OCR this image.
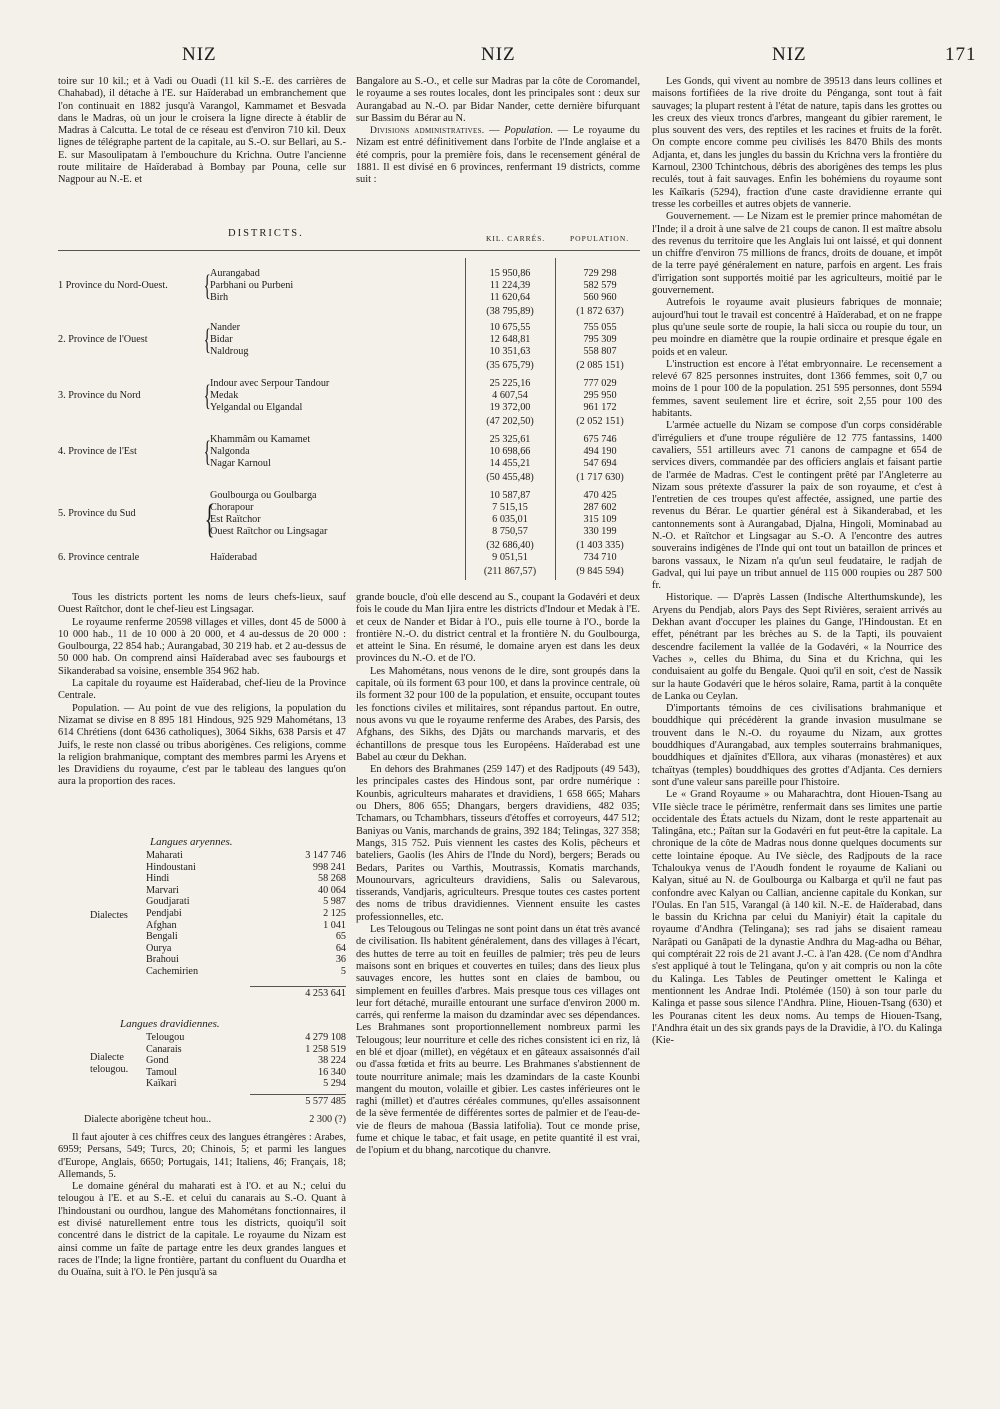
NIZ	NIZ	NIZ	171

toire sur 10 kil.; et à Vadi ou Ouadi (11 kil S.-E. des carrières de Chahabad), il détache à l'E. sur Haïderabad un embranchement que l'on continuait en 1882 jusqu'à Varangol, Kammamet et Besvada dans le Madras, où un jour le croisera la ligne directe à établir de Madras à Calcutta. Le total de ce réseau est d'environ 710 kil. Deux lignes de télégraphe partent de la capitale, au S.-O. sur Bellari, au S.-E. sur Masoulipatam à l'embouchure du Krichna. Outre l'ancienne route militaire de Haïderabad à Bombay par Pouna, celle sur Nagpour au N.-E. et

Bangalore au S.-O., et celle sur Madras par la côte de Coromandel, le royaume a ses routes locales, dont les principales sont : deux sur Aurangabad au N.-O. par Bidar Nander, cette dernière bifurquant sur Bassim du Bérar au N.

Divisions administratives. — Population. — Le royaume du Nizam est entré définitivement dans l'orbite de l'Inde anglaise et a été compris, pour la première fois, dans le recensement général de 1881. Il est divisé en 6 provinces, renfermant 19 districts, comme suit :

DISTRICTS.	KIL. CARRÉS.	POPULATION.
1 Province du Nord-Ouest.	{ Aurangabad	15 950,86	729 298
Parbhani ou Purbeni	11 224,39	582 579
Birh	11 620,64	560 960
(38 795,89)	(1 872 637)
2. Province de l'Ouest	{ Nander	10 675,55	755 055
Bidar	12 648,81	795 309
Naldroug	10 351,63	558 807
(35 675,79)	(2 085 151)
3. Province du Nord	{ Indour avec Serpour Tandour	25 225,16	777 029
Medak	4 607,54	295 950
Yelgandal ou Elgandal	19 372,00	961 172
(47 202,50)	(2 052 151)
4. Province de l'Est	{ Khammâm ou Kamamet	25 325,61	675 746
Nalgonda	10 698,66	494 190
Nagar Karnoul	14 455,21	547 694
(50 455,48)	(1 717 630)
5. Province du Sud	{
Goulbourga ou Goulbarga	10 587,87	470 425
Chorapour	7 515,15	287 602
Est Raïtchor	6 035,01	315 109
Ouest Raïtchor ou Lingsagar	8 750,57	330 199
(32 686,40)	(1 403 335)
6. Province centrale	Haïderabad	9 051,51	734 710
(211 867,57)	(9 845 594)

Les Gonds, qui vivent au nombre de 39513 dans leurs collines et maisons fortifiées de la rive droite du Pénganga, sont tout à fait sauvages; la plupart restent à l'état de nature, tapis dans les grottes ou les creux des vieux troncs d'arbres, mangeant du gibier rarement, le plus souvent des vers, des reptiles et les racines et fruits de la forêt. On compte encore comme peu civilisés les 8470 Bhils des monts Adjanta, et, dans les jungles du bassin du Krichna vers la frontière du Karnoul, 2300 Tchintchous, débris des aborigènes des temps les plus reculés, tout à fait sauvages. Enfin les bohémiens du royaume sont les Kaïkaris (5294), fraction d'une caste dravidienne errante qui tresse les corbeilles et autres objets de vannerie.

Gouvernement. — Le Nizam est le premier prince mahométan de l'Inde; il a droit à une salve de 21 coups de canon. Il est maître absolu des revenus du territoire que les Anglais lui ont laissé, et qui donnent un chiffre d'environ 75 millions de francs, droits de douane, et impôt de la terre payé généralement en nature, parfois en argent. Les frais d'irrigation sont supportés moitié par les agriculteurs, moitié par le gouvernement.

Autrefois le royaume avait plusieurs fabriques de monnaie; aujourd'hui tout le travail est concentré à Haïderabad, et on ne frappe plus qu'une seule sorte de roupie, la hali sicca ou roupie du tour, un peu moindre en diamètre que la roupie ordinaire et presque égale en poids et en valeur.

L'instruction est encore à l'état embryonnaire. Le recensement a relevé 67 825 personnes instruites, dont 1366 femmes, soit 0,7 ou moins de 1 pour 100 de la population. 251 595 personnes, dont 5594 femmes, savent seulement lire et écrire, soit 2,55 pour 100 des habitants.

L'armée actuelle du Nizam se compose d'un corps considérable d'irréguliers et d'une troupe régulière de 12 775 fantassins, 1400 cavaliers, 551 artilleurs avec 71 canons de campagne et 654 de services divers, commandée par des officiers anglais et faisant partie de l'armée de Madras. C'est le contingent prêté par l'Angleterre au Nizam sous prétexte d'assurer la paix de son royaume, et c'est à l'entretien de ces troupes qu'est affectée, assigned, une partie des revenus du Bérar. Le quartier général est à Sikanderabad, et les cantonnements sont à Aurangabad, Djalna, Hingoli, Mominabad au N.-O. et Raïtchor et Lingsagar au S.-O. A l'encontre des autres souverains indigènes de l'Inde qui ont tout un bataillon de princes et barons vassaux, le Nizam n'a qu'un seul feudataire, le radjah de Gadval, qui lui paye un tribut annuel de 115 000 roupies ou 287 500 fr.

Historique. — D'après Lassen (Indische Alterthumskunde), les Aryens du Pendjab, alors Pays des Sept Rivières, seraient arrivés au Dekhan avant d'occuper les plaines du Gange, l'Hindoustan. Et en effet, pénétrant par les brèches au S. de la Tapti, ils pouvaient descendre facilement la vallée de la Godavéri, « la Nourrice des Vaches », celles du Bhima, du Sina et du Krichna, qui les conduisaient au golfe du Bengale. Quoi qu'il en soit, c'est de Nassik sur la haute Godavéri que le héros solaire, Rama, partit à la conquête de Lanka ou Ceylan.

D'importants témoins de ces civilisations brahmanique et bouddhique qui précédèrent la grande invasion musulmane se trouvent dans le N.-O. du royaume du Nizam, aux grottes bouddhiques d'Aurangabad, aux temples souterrains brahmaniques, bouddhiques et djaïnites d'Ellora, aux viharas (monastères) et aux tchaïtyas (temples) bouddhiques des grottes d'Adjanta. Ces derniers sont d'une valeur sans pareille pour l'histoire.

Le « Grand Royaume » ou Maharachtra, dont Hiouen-Tsang au VIIe siècle trace le périmètre, renfermait dans ses limites une partie occidentale des États actuels du Nizam, dont le reste appartenait au Talingâna, etc.; Païtan sur la Godavéri en fut peut-être la capitale. La chronique de la côte de Madras nous donne quelques documents sur cette lointaine époque. Au IVe siècle, des Radjpouts de la race Tchaloukya venus de l'Aoudh fondent le royaume de Kaliani ou Kalyan, situé au N. de Goulbourga ou Kalbarga et qu'il ne faut pas confondre avec Kalyan ou Callian, ancienne capitale du Konkan, sur l'Oulas. En l'an 515, Varangal (à 140 kil. N.-E. de Haïderabad, dans le bassin du Krichna par celui du Maniyir) était la capitale du royaume d'Andhra (Telingana); ses rad jahs se disaient rameau Narâpati ou Ganâpati de la dynastie Andhra du Mag-adha ou Béhar, qui comptérait 22 rois de 21 avant J.-C. à l'an 428. (Ce nom d'Andhra s'est appliqué à tout le Telingana, qu'on y ait compris ou non la côte du Kalinga. Les Tables de Peutinger omettent le Kalinga et mentionnent les Andrae Indi. Ptolémée (150) à son tour parle du Kalinga et passe sous silence l'Andhra. Pline, Hiouen-Tsang (630) et les Pouranas citent les deux noms. Au temps de Hiouen-Tsang, l'Andhra était un des six grands pays de la Dravidie, à l'O. du Kalinga (Kie-

Tous les districts portent les noms de leurs chefs-lieux, sauf Ouest Raïtchor, dont le chef-lieu est Lingsagar.

Le royaume renferme 20598 villages et villes, dont 45 de 5000 à 10 000 hab., 11 de 10 000 à 20 000, et 4 au-dessus de 20 000 : Goulbourga, 22 854 hab.; Aurangabad, 30 219 hab. et 2 au-dessus de 50 000 hab. On comprend ainsi Haïderabad avec ses faubourgs et Sikanderabad sa voisine, ensemble 354 962 hab.

La capitale du royaume est Haïderabad, chef-lieu de la Province Centrale.

Population. — Au point de vue des religions, la population du Nizamat se divise en 8 895 181 Hindous, 925 929 Mahométans, 13 614 Chrétiens (dont 6436 catholiques), 3064 Sikhs, 638 Parsis et 47 Juifs, le reste non classé ou tribus aborigènes. Ces religions, comme la religion brahmanique, comptant des membres parmi les Aryens et les Dravidiens du royaume, c'est par le tableau des langues qu'on aura la proportion des races.

Langues aryennes.
Dialectes
Maharati	3 147 746
Hindoustani	998 241
Hindi	58 268
Marvari	40 064
Goudjarati	5 987
Pendjabi	2 125
Afghan	1 041
Bengali	65
Ourya	64
Brahoui	36
Cachemirien	5
4 253 641
Langues dravidiennes.
Dialecte telougou.
Telougou	4 279 108
Canarais	1 258 519
Gond	38 224
Tamoul	16 340
Kaïkari	5 294
5 577 485
Dialecte aborigène tcheut hou..	2 300 (?)

Il faut ajouter à ces chiffres ceux des langues étrangères : Arabes, 6959; Persans, 549; Turcs, 20; Chinois, 5; et parmi les langues d'Europe, Anglais, 6650; Portugais, 141; Italiens, 46; Français, 18; Allemands, 5.

Le domaine général du maharati est à l'O. et au N.; celui du telougou à l'E. et au S.-E. et celui du canarais au S.-O. Quant à l'hindoustani ou ourdhou, langue des Mahométans fonctionnaires, il est divisé naturellement entre tous les districts, quoiqu'il soit concentré dans le district de la capitale. Le royaume du Nizam est ainsi comme un faîte de partage entre les deux grandes langues et races de l'Inde; la ligne frontière, partant du confluent du Ouardha et du Ouaïna, suit à l'O. le Pèn jusqu'à sa

grande boucle, d'où elle descend au S., coupant la Godavéri et deux fois le coude du Man Ijira entre les districts d'Indour et Medak à l'E. et ceux de Nander et Bidar à l'O., puis elle tourne à l'O., borde la frontière N.-O. du district central et la frontière N. du Goulbourga, et atteint le Sina. En résumé, le domaine aryen est dans les deux provinces du N.-O. et de l'O.

Les Mahométans, nous venons de le dire, sont groupés dans la capitale, où ils forment 63 pour 100, et dans la province centrale, où ils forment 32 pour 100 de la population, et ensuite, occupant toutes les fonctions civiles et militaires, sont répandus partout. En outre, nous avons vu que le royaume renferme des Arabes, des Parsis, des Afghans, des Sikhs, des Djâts ou marchands marvaris, et des échantillons de presque tous les Européens. Haïderabad est une Babel au cœur du Dekhan.

En dehors des Brahmanes (259 147) et des Radjpouts (49 543), les principales castes des Hindous sont, par ordre numérique : Kounbis, agriculteurs maharates et dravidiens, 1 658 665; Mahars ou Dhers, 806 655; Dhangars, bergers dravidiens, 482 035; Tchamars, ou Tchambhars, tisseurs d'étoffes et corroyeurs, 447 512; Baniyas ou Vanis, marchands de grains, 392 184; Telingas, 327 358; Mangs, 315 752. Puis viennent les castes des Kolis, pêcheurs et bateliers, Gaolis (les Ahirs de l'Inde du Nord), bergers; Berads ou Bedars, Parites ou Varthis, Moutrassis, Komatis marchands, Mounourvars, agriculteurs dravidiens, Salis ou Salevarous, tisserands, Vandjaris, agriculteurs. Presque toutes ces castes portent des noms de tribus dravidiennes. Viennent ensuite les castes professionnelles, etc.

Les Telougous ou Telingas ne sont point dans un état très avancé de civilisation. Ils habitent généralement, dans des villages à l'écart, des huttes de terre au toit en feuilles de palmier; très peu de leurs maisons sont en briques et couvertes en tuiles; dans des lieux plus sauvages encore, les huttes sont en claies de bambou, ou simplement en feuilles d'arbres. Mais presque tous ces villages ont leur fort détaché, muraille entourant une surface d'environ 2000 m. carrés, qui renferme la maison du dzamindar avec ses dépendances. Les Brahmanes sont proportionnellement nombreux parmi les Telougous; leur nourriture et celle des riches consistent ici en riz, là en blé et djoar (millet), en végétaux et en gâteaux assaisonnés d'ail ou d'assa fœtida et frits au beurre. Les Brahmanes s'abstiennent de toute nourriture animale; mais les dzamindars de la caste Kounbi mangent du mouton, volaille et gibier. Les castes inférieures ont le raghi (millet) et d'autres céréales communes, qu'elles assaisonnent de la sève fermentée de différentes sortes de palmier et de l'eau-de-vie de fleurs de mahoua (Bassia latifolia). Tout ce monde prise, fume et chique le tabac, et fait usage, en petite quantité il est vrai, de l'opium et du bhang, narcotique du chanvre.
